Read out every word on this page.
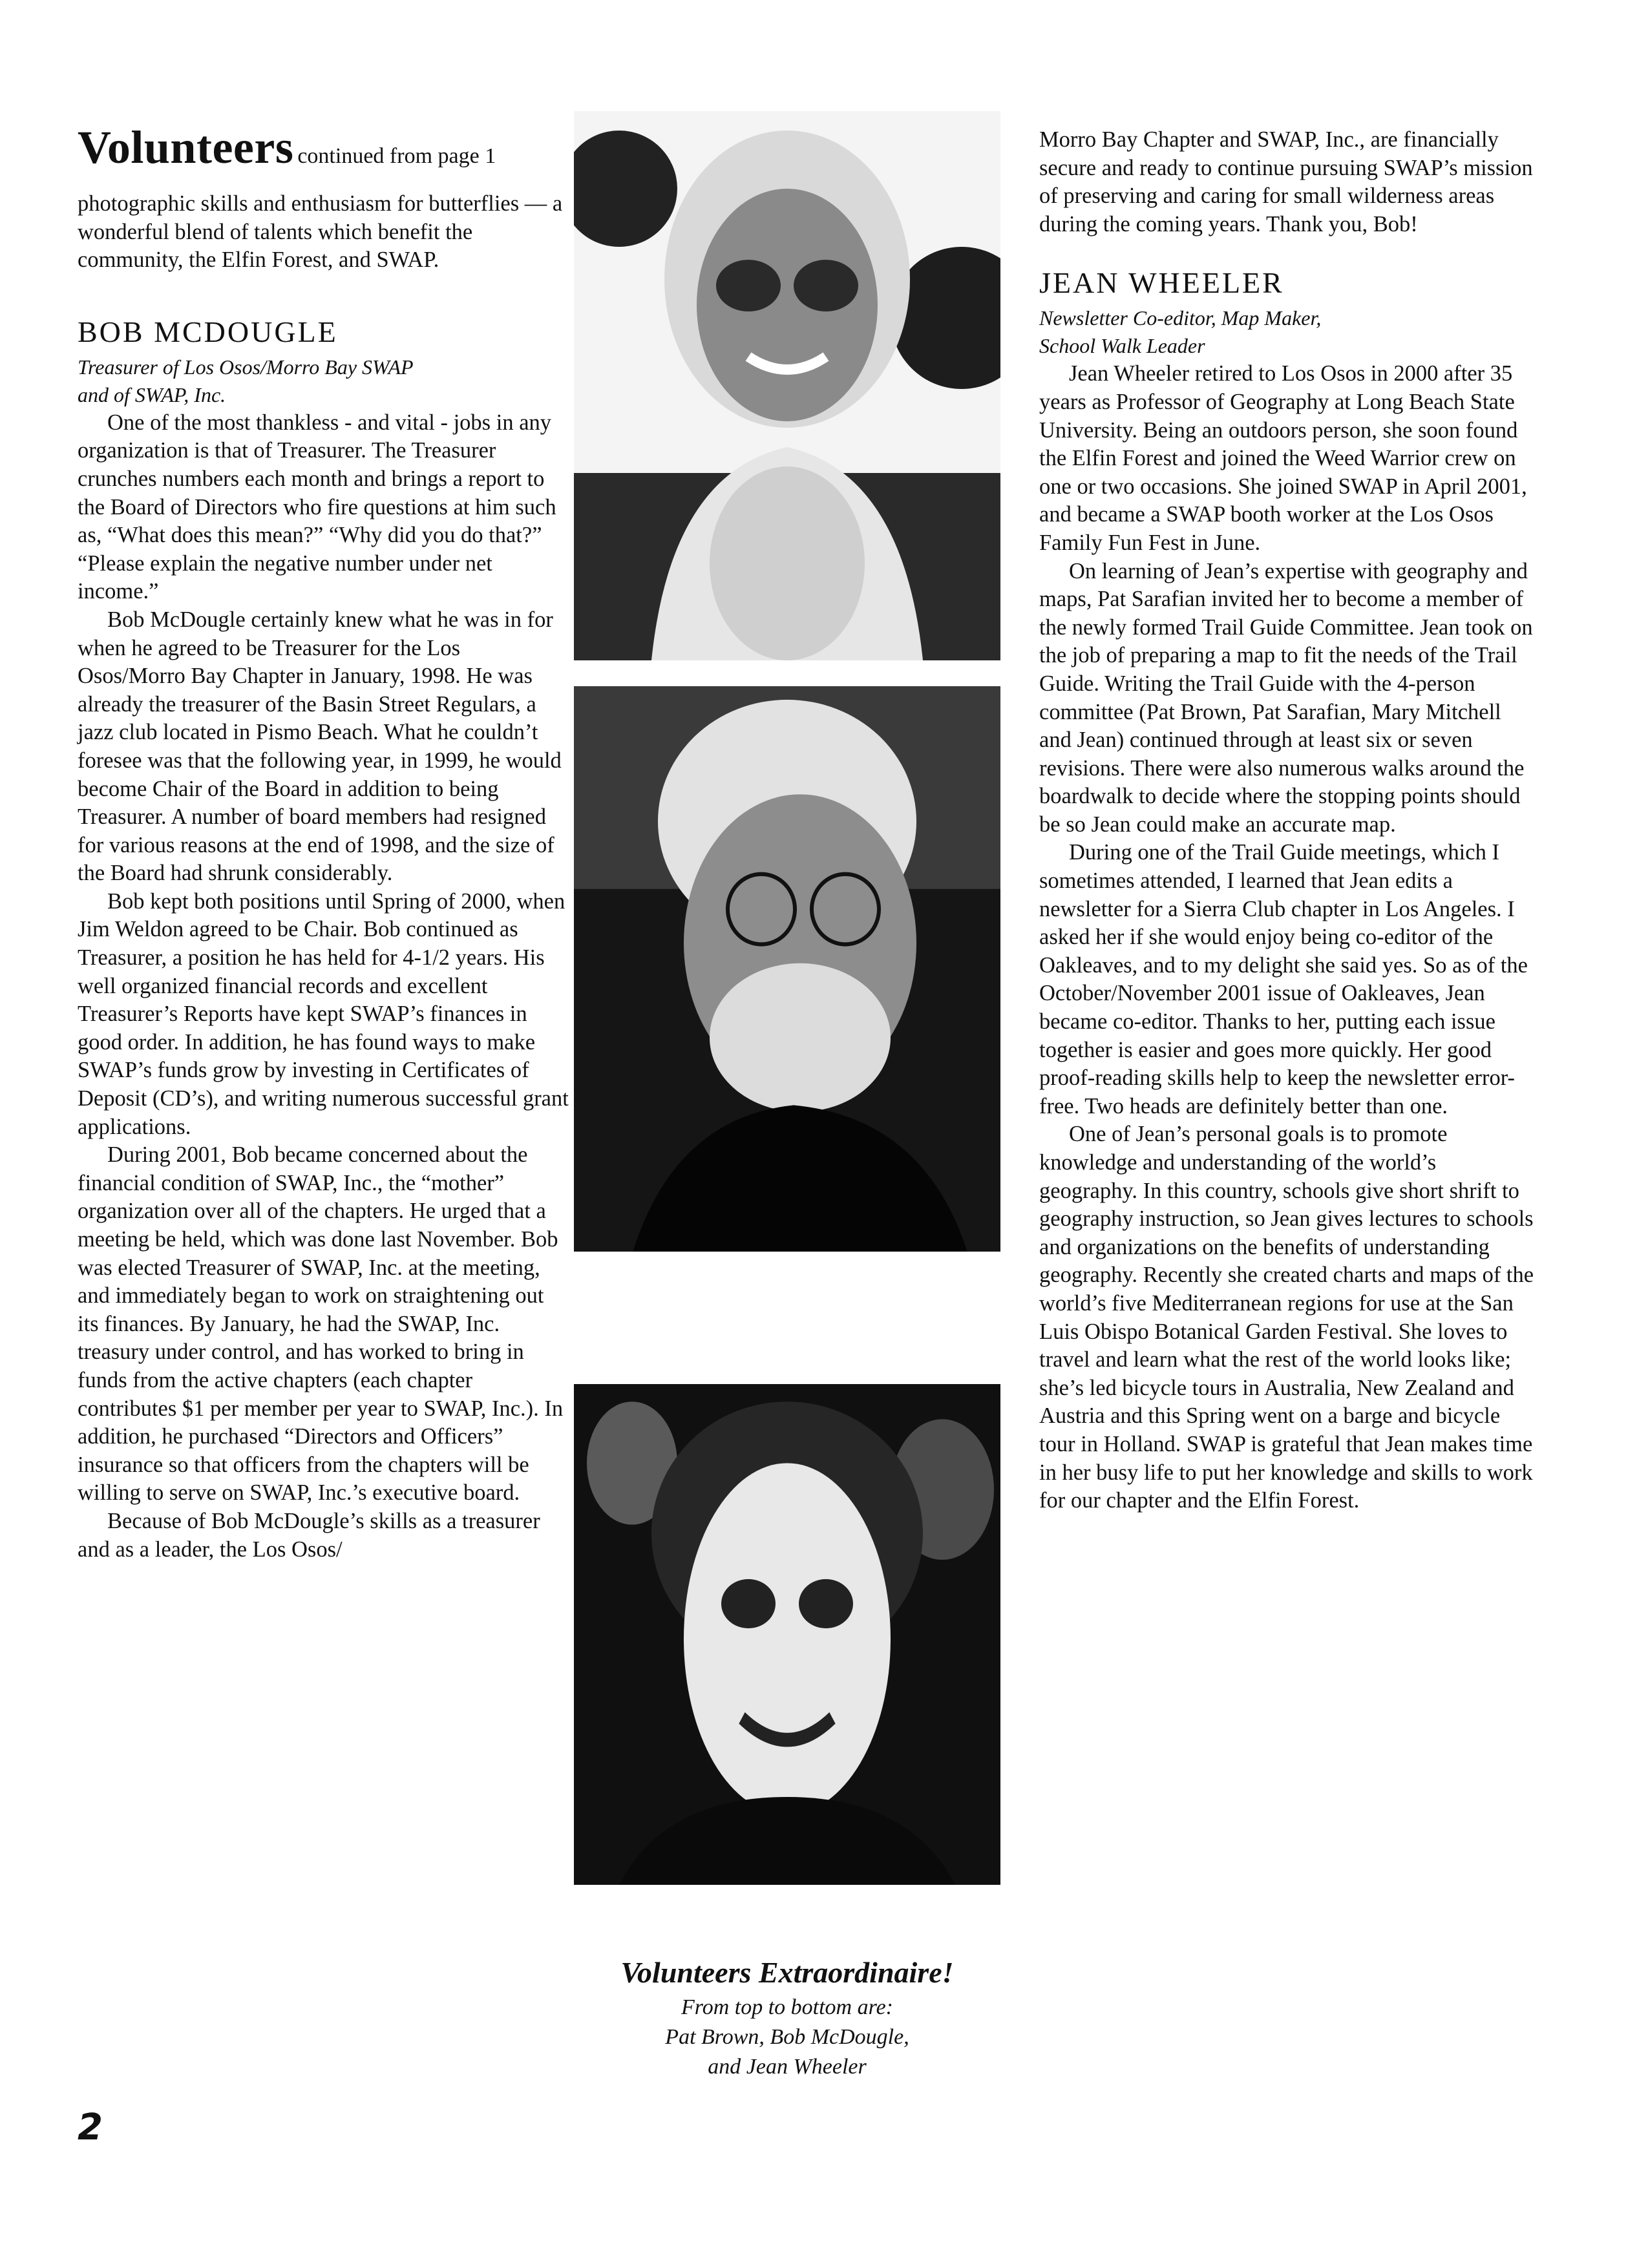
Volunteers continued from page 1

photographic skills and enthusiasm for butterflies — a wonderful blend of talents which benefit the community, the Elfin Forest, and SWAP.

BOB MCDOUGLE

Treasurer of Los Osos/Morro Bay SWAP

and of SWAP, Inc.

One of the most thankless - and vital - jobs in any organization is that of Treasurer. The Treasurer crunches numbers each month and brings a report to the Board of Directors who fire questions at him such as, “What does this mean?” “Why did you do that?” “Please explain the negative number under net income.”

Bob McDougle certainly knew what he was in for when he agreed to be Treasurer for the Los Osos/Morro Bay Chapter in January, 1998. He was already the treasurer of the Basin Street Regulars, a jazz club located in Pismo Beach. What he couldn’t foresee was that the following year, in 1999, he would become Chair of the Board in addition to being Treasurer. A number of board members had resigned for various reasons at the end of 1998, and the size of the Board had shrunk considerably.

Bob kept both positions until Spring of 2000, when Jim Weldon agreed to be Chair. Bob continued as Treasurer, a position he has held for 4-1/2 years. His well organized financial records and excellent Treasurer’s Reports have kept SWAP’s finances in good order. In addition, he has found ways to make SWAP’s funds grow by investing in Certificates of Deposit (CD’s), and writing numerous successful grant applications.

During 2001, Bob became concerned about the financial condition of SWAP, Inc., the “mother” organization over all of the chapters. He urged that a meeting be held, which was done last November. Bob was elected Treasurer of SWAP, Inc. at the meeting, and immediately began to work on straightening out its finances. By January, he had the SWAP, Inc. treasury under control, and has worked to bring in funds from the active chapters (each chapter contributes $1 per member per year to SWAP, Inc.). In addition, he purchased “Directors and Officers” insurance so that officers from the chapters will be willing to serve on SWAP, Inc.’s executive board.

Because of Bob McDougle’s skills as a treasurer and as a leader, the Los Osos/

Volunteers Extraordinaire!

From top to bottom are:

Pat Brown, Bob McDougle,

and Jean Wheeler

Morro Bay Chapter and SWAP, Inc., are financially secure and ready to continue pursuing SWAP’s mission of preserving and caring for small wilderness areas during the coming years. Thank you, Bob!

JEAN WHEELER

Newsletter Co-editor, Map Maker,

School Walk Leader

Jean Wheeler retired to Los Osos in 2000 after 35 years as Professor of Geography at Long Beach State University. Being an outdoors person, she soon found the Elfin Forest and joined the Weed Warrior crew on one or two occasions. She joined SWAP in April 2001, and became a SWAP booth worker at the Los Osos Family Fun Fest in June.

On learning of Jean’s expertise with geography and maps, Pat Sarafian invited her to become a member of the newly formed Trail Guide Committee. Jean took on the job of preparing a map to fit the needs of the Trail Guide. Writing the Trail Guide with the 4-person committee (Pat Brown, Pat Sarafian, Mary Mitchell and Jean) continued through at least six or seven revisions. There were also numerous walks around the boardwalk to decide where the stopping points should be so Jean could make an accurate map.

During one of the Trail Guide meetings, which I sometimes attended, I learned that Jean edits a newsletter for a Sierra Club chapter in Los Angeles. I asked her if she would enjoy being co-editor of the Oakleaves, and to my delight she said yes. So as of the October/November 2001 issue of Oakleaves, Jean became co-editor. Thanks to her, putting each issue together is easier and goes more quickly. Her good proof-reading skills help to keep the newsletter error-free. Two heads are definitely better than one.

One of Jean’s personal goals is to promote knowledge and understanding of the world’s geography. In this country, schools give short shrift to geography instruction, so Jean gives lectures to schools and organizations on the benefits of understanding geography. Recently she created charts and maps of the world’s five Mediterranean regions for use at the San Luis Obispo Botanical Garden Festival. She loves to travel and learn what the rest of the world looks like; she’s led bicycle tours in Australia, New Zealand and Austria and this Spring went on a barge and bicycle tour in Holland. SWAP is grateful that Jean makes time in her busy life to put her knowledge and skills to work for our chapter and the Elfin Forest.

2
